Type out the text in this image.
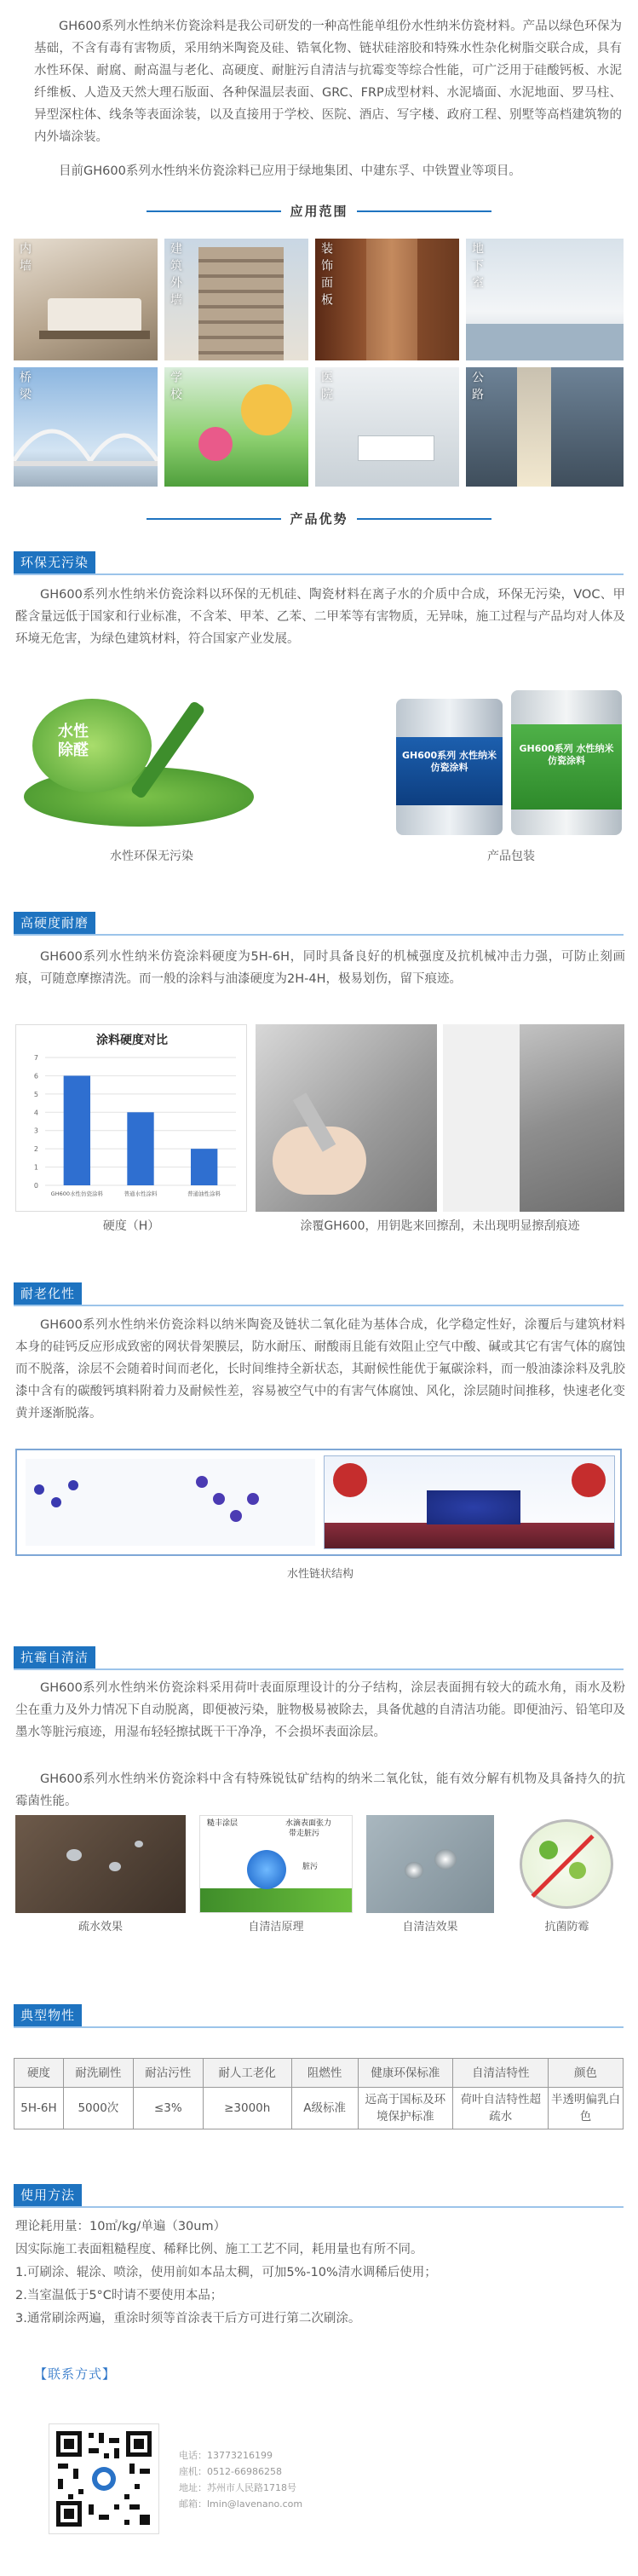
GH600系列水性纳米仿瓷涂料是我公司研发的一种高性能单组份水性纳米仿瓷材料。产品以绿色环保为基础，不含有毒有害物质，采用纳米陶瓷及硅、锆氧化物、链状硅溶胶和特殊水性杂化树脂交联合成，具有水性环保、耐腐、耐高温与老化、高硬度、耐脏污自清洁与抗霉变等综合性能，可广泛用于硅酸钙板、水泥纤维板、人造及天然大理石版面、各种保温层表面、GRC、FRP成型材料、水泥墙面、水泥地面、罗马柱、异型深柱体、线条等表面涂装，以及直接用于学校、医院、酒店、写字楼、政府工程、别墅等高档建筑物的内外墙涂装。

目前GH600系列水性纳米仿瓷涂料已应用于绿地集团、中建东孚、中铁置业等项目。

应用范围
内墙	建筑外墙	装饰面板	地下室
桥梁	学校	医院	公路
产品优势
环保无污染

GH600系列水性纳米仿瓷涂料以环保的无机硅、陶瓷材料在离子水的介质中合成，环保无污染，VOC、甲醛含量远低于国家和行业标准，不含苯、甲苯、乙苯、二甲苯等有害物质，无异味，施工过程与产品均对人体及环境无危害，为绿色建筑材料，符合国家产业发展。

水性
除醛	GH600系列 水性纳米仿瓷涂料
GH600系列 水性纳米仿瓷涂料
水性环保无污染	产品包装
高硬度耐磨

GH600系列水性纳米仿瓷涂料硬度为5H-6H，同时具备良好的机械强度及抗机械冲击力强，可防止刻画痕，可随意摩擦清洗。而一般的涂料与油漆硬度为2H-4H，极易划伤，留下痕迹。

涂料硬度对比
0
1
2
3
4
5
6
7
GH600水性仿瓷涂料	普通水性涂料	普通油性涂料
硬度（H）	涂覆GH600，用钥匙来回擦刮，未出现明显擦刮痕迹
耐老化性

GH600系列水性纳米仿瓷涂料以纳米陶瓷及链状二氧化硅为基体合成，化学稳定性好，涂覆后与建筑材料本身的硅钙反应形成致密的网状骨架膜层，防水耐压、耐酸雨且能有效阻止空气中酸、碱或其它有害气体的腐蚀而不脱落，涂层不会随着时间而老化，长时间维持全新状态，其耐候性能优于氟碳涂料，而一般油漆涂料及乳胶漆中含有的碳酸钙填料附着力及耐候性差，容易被空气中的有害气体腐蚀、风化，涂层随时间推移，快速老化变黄并逐渐脱落。

水性链状结构
抗霉自清洁

GH600系列水性纳米仿瓷涂料采用荷叶表面原理设计的分子结构，涂层表面拥有较大的疏水角，雨水及粉尘在重力及外力情况下自动脱离，即便被污染，脏物极易被除去，具备优越的自清洁功能。即便油污、铅笔印及墨水等脏污痕迹，用湿布轻轻擦拭既干干净净，不会损坏表面涂层。

GH600系列水性纳米仿瓷涂料中含有特殊锐钛矿结构的纳米二氧化钛，能有效分解有机物及具备持久的抗霉菌性能。

糙丰涂层	水滴表面张力
带走脏污
脏污
底材
疏水效果	自清洁原理	自清洁效果	抗菌防霉
典型物性
硬度	耐洗刷性	耐沾污性	耐人工老化	阻燃性	健康环保标准	自清洁特性	颜色
5H-6H	5000次	≤3%	≥3000h	A级标准	远高于国标及环境保护标准	荷叶自洁特性超疏水	半透明偏乳白色
使用方法
理论耗用量：10㎡/kg/单遍（30um）
因实际施工表面粗糙程度、稀释比例、施工工艺不同，耗用量也有所不同。
1.可刷涂、辊涂、喷涂，使用前如本品太稠，可加5%-10%清水调稀后使用；
2.当室温低于5°C时请不要使用本品；
3.通常刷涂两遍，重涂时须等首涂表干后方可进行第二次刷涂。
【联系方式】
电话：13773216199
座机：0512-66986258
地址：苏州市人民路1718号
邮箱：lmin@lavenano.com
